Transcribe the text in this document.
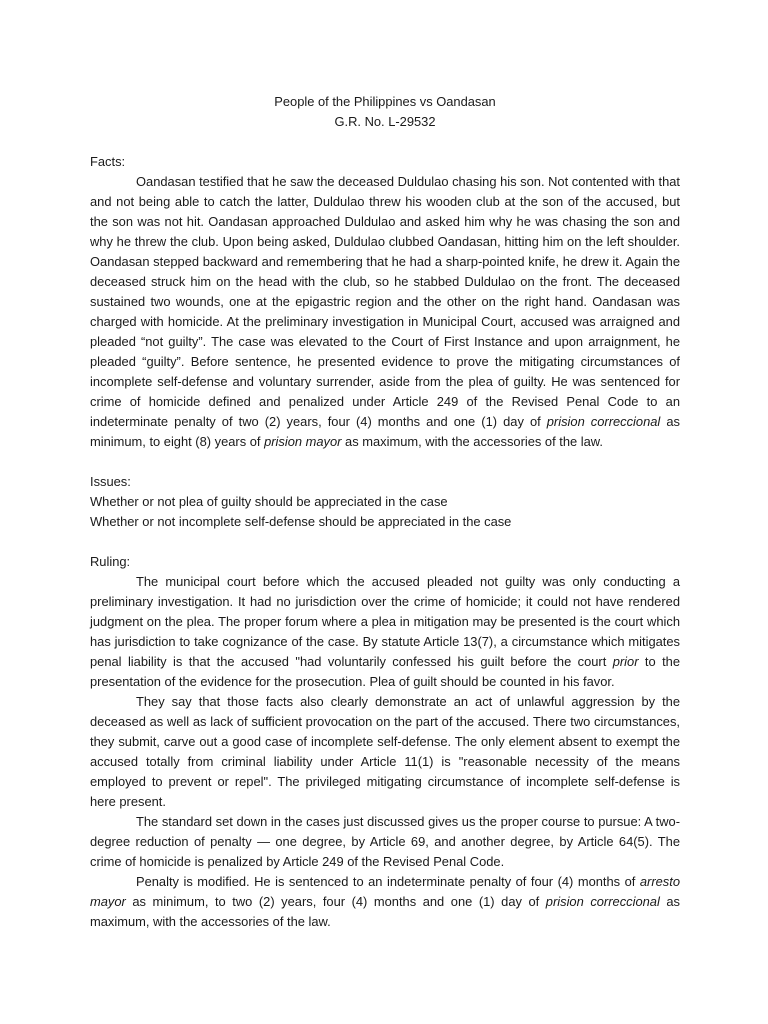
People of the Philippines vs Oandasan
G.R. No. L-29532
Facts:

Oandasan testified that he saw the deceased Duldulao chasing his son. Not contented with that and not being able to catch the latter, Duldulao threw his wooden club at the son of the accused, but the son was not hit. Oandasan approached Duldulao and asked him why he was chasing the son and why he threw the club. Upon being asked, Duldulao clubbed Oandasan, hitting him on the left shoulder. Oandasan stepped backward and remembering that he had a sharp-pointed knife, he drew it. Again the deceased struck him on the head with the club, so he stabbed Duldulao on the front. The deceased sustained two wounds, one at the epigastric region and the other on the right hand. Oandasan was charged with homicide. At the preliminary investigation in Municipal Court, accused was arraigned and pleaded “not guilty”. The case was elevated to the Court of First Instance and upon arraignment, he pleaded “guilty”. Before sentence, he presented evidence to prove the mitigating circumstances of incomplete self-defense and voluntary surrender, aside from the plea of guilty. He was sentenced for crime of homicide defined and penalized under Article 249 of the Revised Penal Code to an indeterminate penalty of two (2) years, four (4) months and one (1) day of prision correccional as minimum, to eight (8) years of prision mayor as maximum, with the accessories of the law.

Issues:
Whether or not plea of guilty should be appreciated in the case
Whether or not incomplete self-defense should be appreciated in the case
Ruling:

The municipal court before which the accused pleaded not guilty was only conducting a preliminary investigation. It had no jurisdiction over the crime of homicide; it could not have rendered judgment on the plea. The proper forum where a plea in mitigation may be presented is the court which has jurisdiction to take cognizance of the case. By statute Article 13(7), a circumstance which mitigates penal liability is that the accused "had voluntarily confessed his guilt before the court prior to the presentation of the evidence for the prosecution. Plea of guilt should be counted in his favor.

They say that those facts also clearly demonstrate an act of unlawful aggression by the deceased as well as lack of sufficient provocation on the part of the accused. There two circumstances, they submit, carve out a good case of incomplete self-defense. The only element absent to exempt the accused totally from criminal liability under Article 11(1) is "reasonable necessity of the means employed to prevent or repel". The privileged mitigating circumstance of incomplete self-defense is here present.

The standard set down in the cases just discussed gives us the proper course to pursue: A two-degree reduction of penalty — one degree, by Article 69, and another degree, by Article 64(5). The crime of homicide is penalized by Article 249 of the Revised Penal Code.

Penalty is modified. He is sentenced to an indeterminate penalty of four (4) months of arresto mayor as minimum, to two (2) years, four (4) months and one (1) day of prision correccional as maximum, with the accessories of the law.
